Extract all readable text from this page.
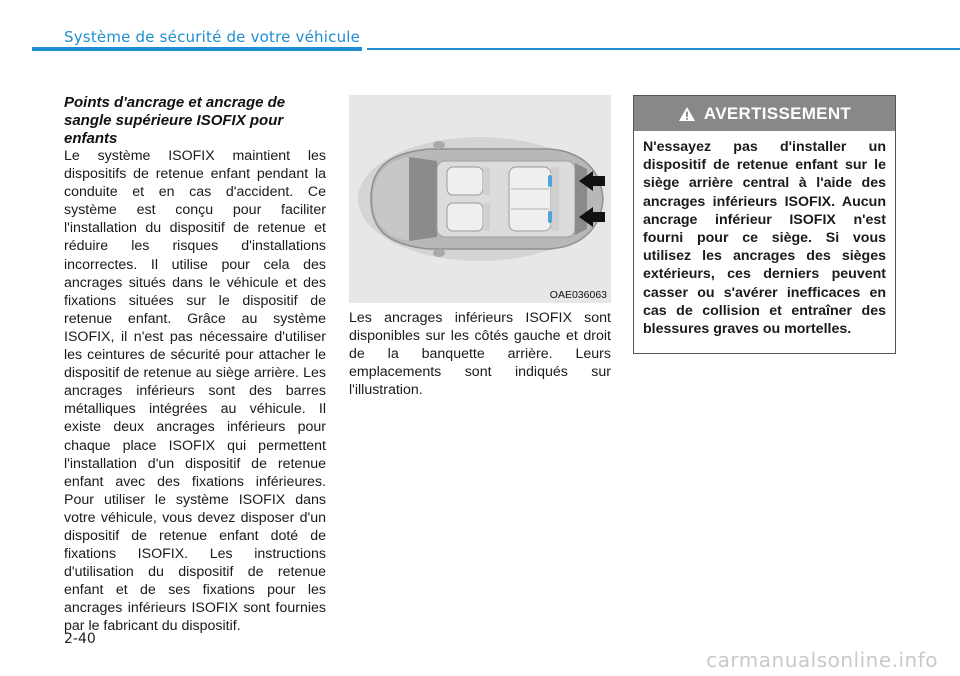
Système de sécurité de votre véhicule
Points d'ancrage et ancrage de sangle supérieure ISOFIX pour enfants
Le système ISOFIX maintient les dispositifs de retenue enfant pendant la conduite et en cas d'accident. Ce système est conçu pour faciliter l'installation du dispositif de retenue et réduire les risques d'installations incorrectes. Il utilise pour cela des ancrages situés dans le véhicule et des fixations situées sur le dispositif de retenue enfant. Grâce au système ISOFIX, il n'est pas nécessaire d'utiliser les ceintures de sécurité pour attacher le dispositif de retenue au siège arrière. Les ancrages inférieurs sont des barres métalliques intégrées au véhicule. Il existe deux ancrages inférieurs pour chaque place ISOFIX qui permettent l'installation d'un dispositif de retenue enfant avec des fixations inférieures. Pour utiliser le système ISOFIX dans votre véhicule, vous devez disposer d'un dispositif de retenue enfant doté de fixations ISOFIX. Les instructions d'utilisation du dispositif de retenue enfant et de ses fixations pour les ancrages inférieurs ISOFIX sont fournies par le fabricant du dispositif.
OAE036063
Les ancrages inférieurs ISOFIX sont disponibles sur les côtés gauche et droit de la banquette arrière. Leurs emplacements sont indiqués sur l'illustration.
AVERTISSEMENT
N'essayez pas d'installer un dispositif de retenue enfant sur le siège arrière central à l'aide des ancrages inférieurs ISOFIX. Aucun ancrage inférieur ISOFIX n'est fourni pour ce siège. Si vous utilisez les ancrages des sièges extérieurs, ces derniers peuvent casser ou s'avérer inefficaces en cas de collision et entraîner des blessures graves ou mortelles.
2-40
carmanualsonline.info
